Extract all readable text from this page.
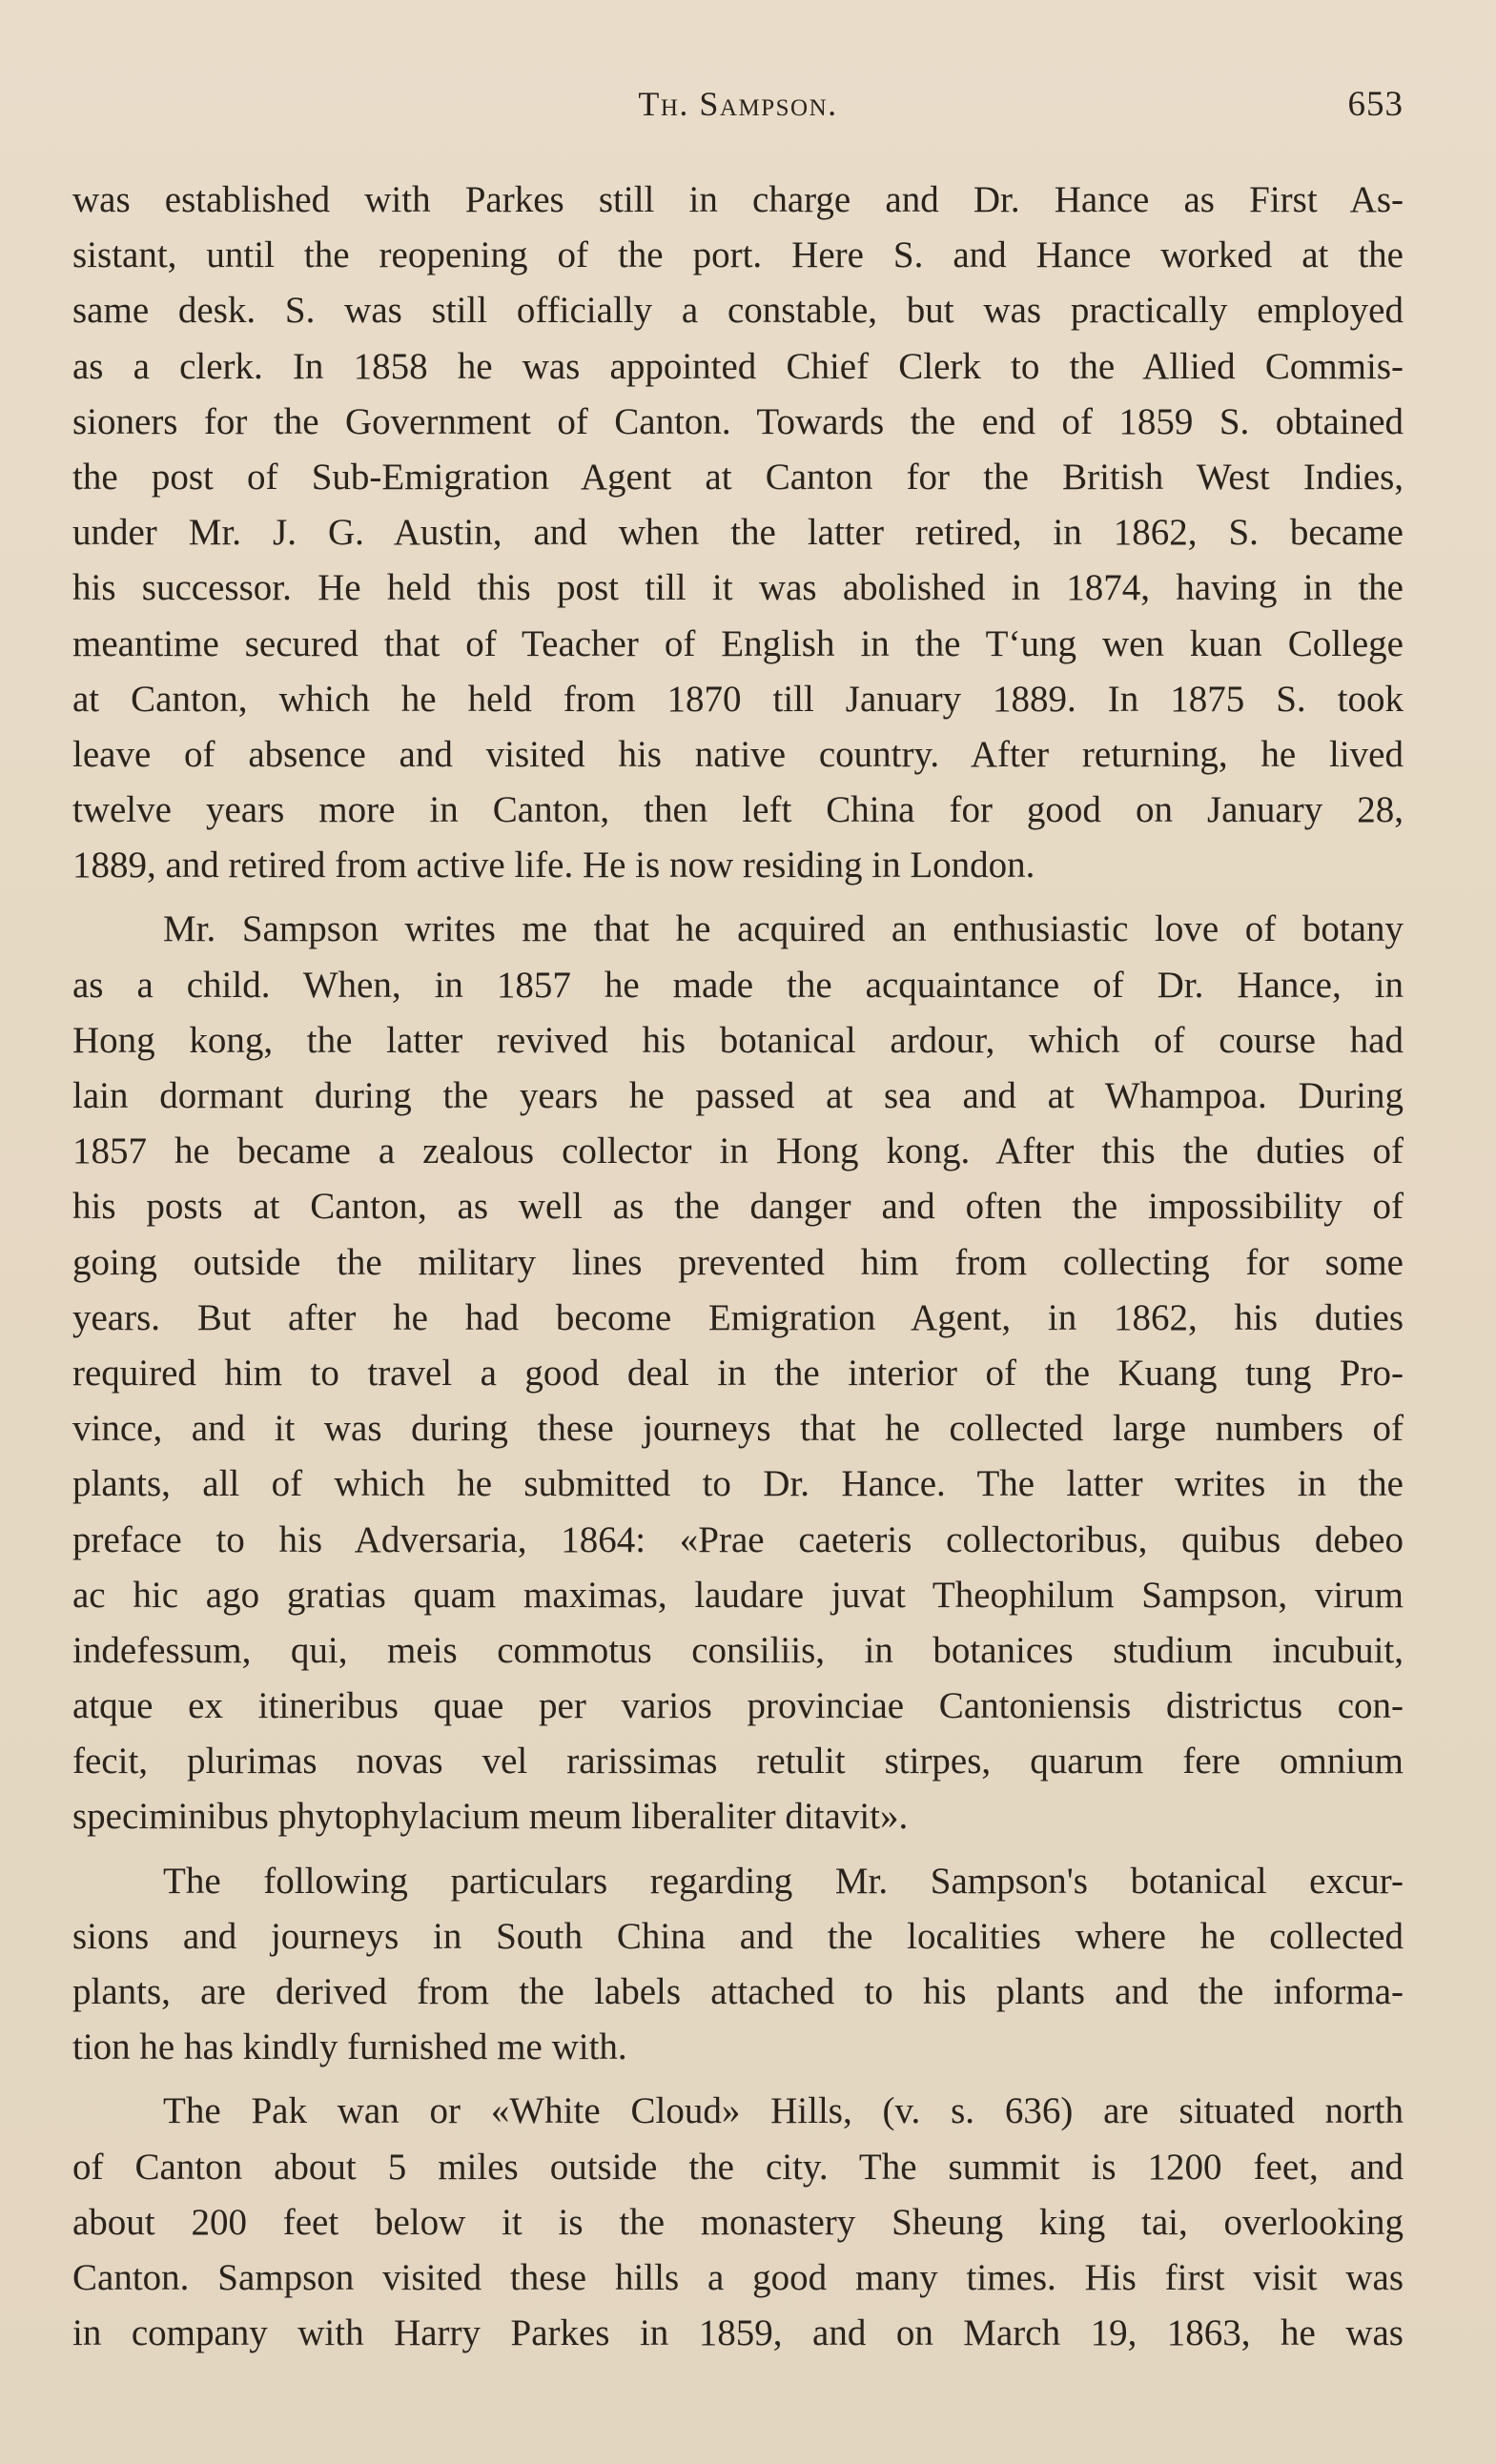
Th. Sampson.	653
was established with Parkes still in charge and Dr. Hance as First As-
sistant, until the reopening of the port. Here S. and Hance worked at the
same desk. S. was still officially a constable, but was practically employed
as a clerk. In 1858 he was appointed Chief Clerk to the Allied Commis-
sioners for the Government of Canton. Towards the end of 1859 S. obtained
the post of Sub-Emigration Agent at Canton for the British West Indies,
under Mr. J. G. Austin, and when the latter retired, in 1862, S. became
his successor. He held this post till it was abolished in 1874, having in the
meantime secured that of Teacher of English in the Tʻung wen kuan College
at Canton, which he held from 1870 till January 1889. In 1875 S. took
leave of absence and visited his native country. After returning, he lived
twelve years more in Canton, then left China for good on January 28,
1889, and retired from active life. He is now residing in London.
Mr. Sampson writes me that he acquired an enthusiastic love of botany
as a child. When, in 1857 he made the acquaintance of Dr. Hance, in
Hong kong, the latter revived his botanical ardour, which of course had
lain dormant during the years he passed at sea and at Whampoa. During
1857 he became a zealous collector in Hong kong. After this the duties of
his posts at Canton, as well as the danger and often the impossibility of
going outside the military lines prevented him from collecting for some
years. But after he had become Emigration Agent, in 1862, his duties
required him to travel a good deal in the interior of the Kuang tung Pro-
vince, and it was during these journeys that he collected large numbers of
plants, all of which he submitted to Dr. Hance. The latter writes in the
preface to his Adversaria, 1864: «Prae caeteris collectoribus, quibus debeo
ac hic ago gratias quam maximas, laudare juvat Theophilum Sampson, virum
indefessum, qui, meis commotus consiliis, in botanices studium incubuit,
atque ex itineribus quae per varios provinciae Cantoniensis districtus con-
fecit, plurimas novas vel rarissimas retulit stirpes, quarum fere omnium
speciminibus phytophylacium meum liberaliter ditavit».
The following particulars regarding Mr. Sampson's botanical excur-
sions and journeys in South China and the localities where he collected
plants, are derived from the labels attached to his plants and the informa-
tion he has kindly furnished me with.
The Pak wan or «White Cloud» Hills, (v. s. 636) are situated north
of Canton about 5 miles outside the city. The summit is 1200 feet, and
about 200 feet below it is the monastery Sheung king tai, overlooking
Canton. Sampson visited these hills a good many times. His first visit was
in company with Harry Parkes in 1859, and on March 19, 1863, he was
